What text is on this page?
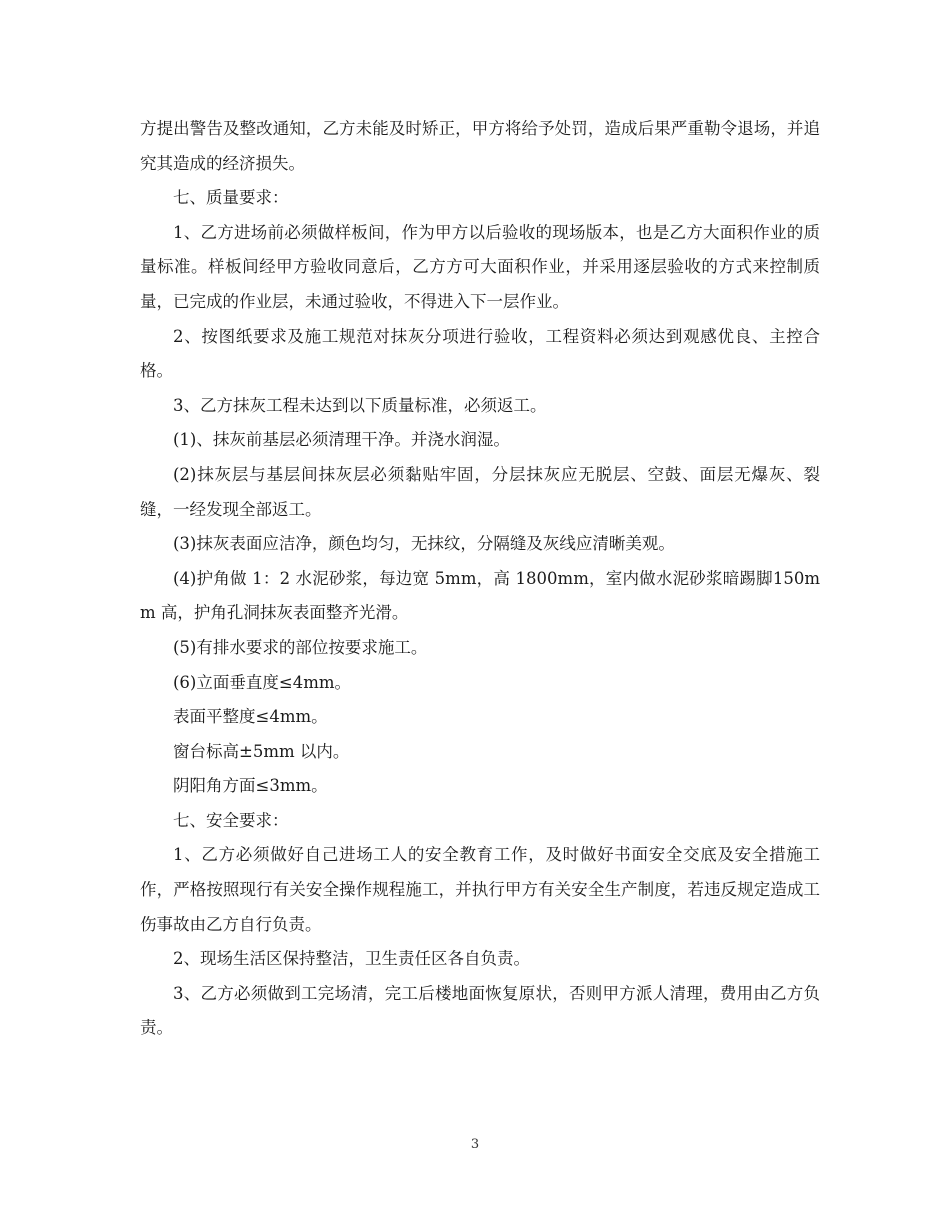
方提出警告及整改通知，乙方未能及时矫正，甲方将给予处罚，造成后果严重勒令退场，并追究其造成的经济损失。

七、质量要求：

1、乙方进场前必须做样板间，作为甲方以后验收的现场版本，也是乙方大面积作业的质量标准。样板间经甲方验收同意后，乙方方可大面积作业，并采用逐层验收的方式来控制质量，已完成的作业层，未通过验收，不得进入下一层作业。

2、按图纸要求及施工规范对抹灰分项进行验收，工程资料必须达到观感优良、主控合格。

3、乙方抹灰工程未达到以下质量标准，必须返工。

(1)、抹灰前基层必须清理干净。并浇水润湿。

(2)抹灰层与基层间抹灰层必须黏贴牢固，分层抹灰应无脱层、空鼓、面层无爆灰、裂缝，一经发现全部返工。

(3)抹灰表面应洁净，颜色均匀，无抹纹，分隔缝及灰线应清晰美观。

(4)护角做 1：2 水泥砂浆，每边宽 5mm，高 1800mm，室内做水泥砂浆暗踢脚150mm 高，护角孔洞抹灰表面整齐光滑。

(5)有排水要求的部位按要求施工。

(6)立面垂直度≤4mm。

表面平整度≤4mm。

窗台标高±5mm 以内。

阴阳角方面≤3mm。

七、安全要求：

1、乙方必须做好自己进场工人的安全教育工作，及时做好书面安全交底及安全措施工作，严格按照现行有关安全操作规程施工，并执行甲方有关安全生产制度，若违反规定造成工伤事故由乙方自行负责。

2、现场生活区保持整洁，卫生责任区各自负责。

3、乙方必须做到工完场清，完工后楼地面恢复原状，否则甲方派人清理，费用由乙方负责。

3
